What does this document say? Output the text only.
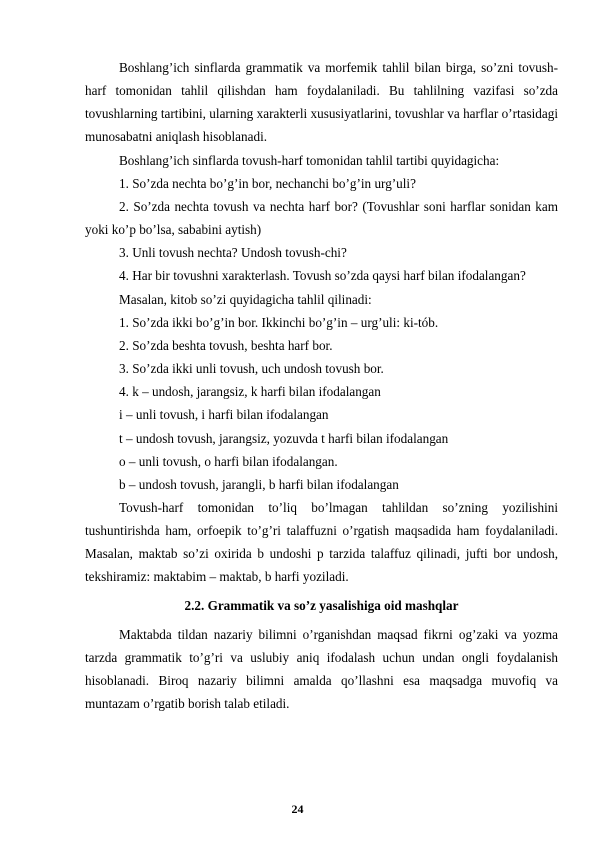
Boshlang’ich sinflarda grammatik va morfemik tahlil bilan birga, so’zni tovush-harf tomonidan tahlil qilishdan ham foydalaniladi. Bu tahlilning vazifasi so’zda tovushlarning tartibini, ularning xarakterli xususiyatlarini, tovushlar va harflar o’rtasidagi munosabatni aniqlash hisoblanadi.

Boshlang’ich sinflarda tovush-harf tomonidan tahlil tartibi quyidagicha:

1. So’zda nechta bo’g’in bor, nechanchi bo’g’in urg’uli?

2. So’zda nechta tovush va nechta harf bor? (Tovushlar soni harflar sonidan kam yoki ko’p bo’lsa, sababini aytish)

3. Unli tovush nechta? Undosh tovush-chi?

4. Har bir tovushni xarakterlash. Tovush so’zda qaysi harf bilan ifodalangan?

Masalan, kitob so’zi quyidagicha tahlil qilinadi:

1. So’zda ikki bo’g’in bor. Ikkinchi bo’g’in – urg’uli: ki-tób.

2. So’zda beshta tovush, beshta harf bor.

3. So’zda ikki unli tovush, uch undosh tovush bor.

4. k – undosh, jarangsiz, k harfi bilan ifodalangan

i – unli tovush, i harfi bilan ifodalangan

t – undosh tovush, jarangsiz, yozuvda t harfi bilan ifodalangan

o – unli tovush, o harfi bilan ifodalangan.

b – undosh tovush, jarangli, b harfi bilan ifodalangan

Tovush-harf tomonidan to’liq bo’lmagan tahlildan so’zning yozilishini tushuntirishda ham, orfoepik to’g’ri talaffuzni o’rgatish maqsadida ham foydalaniladi. Masalan, maktab so’zi oxirida b undoshi p tarzida talaffuz qilinadi, jufti bor undosh, tekshiramiz: maktabim – maktab, b harfi yoziladi.

2.2. Grammatik va so’z yasalishiga oid mashqlar

Maktabda tildan nazariy bilimni o’rganishdan maqsad fikrni og’zaki va yozma tarzda grammatik to’g’ri va uslubiy aniq ifodalash uchun undan ongli foydalanish hisoblanadi. Biroq nazariy bilimni amalda qo’llashni esa maqsadga muvofiq va muntazam o’rgatib borish talab etiladi.

24
